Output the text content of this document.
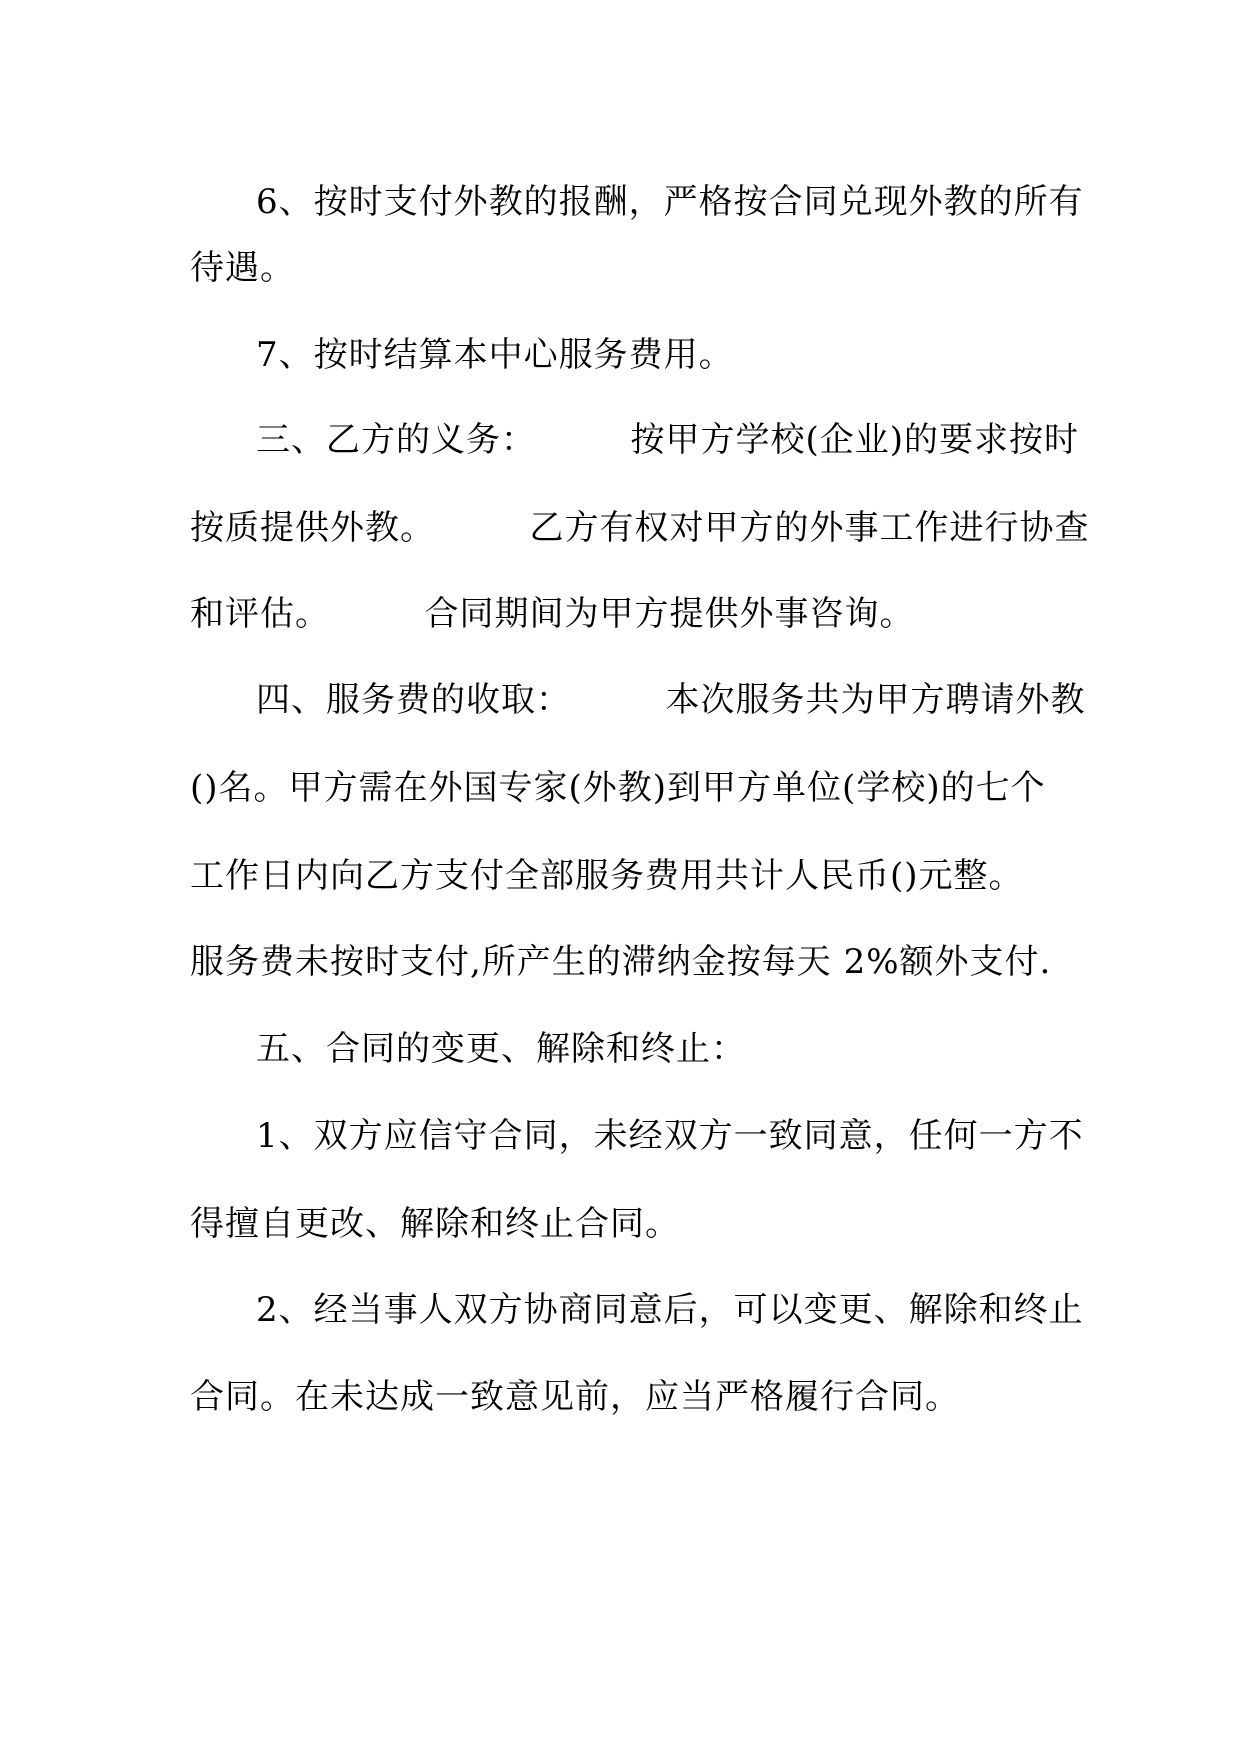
6、按时支付外教的报酬，严格按合同兑现外教的所有
待遇。
7、按时结算本中心服务费用。
三、乙方的义务：        按甲方学校(企业)的要求按时
按质提供外教。        乙方有权对甲方的外事工作进行协查
和评估。        合同期间为甲方提供外事咨询。
四、服务费的收取：        本次服务共为甲方聘请外教
()名。甲方需在外国专家(外教)到甲方单位(学校)的七个
工作日内向乙方支付全部服务费用共计人民币()元整。
服务费未按时支付,所产生的滞纳金按每天 2%额外支付.
五、合同的变更、解除和终止：
1、双方应信守合同，未经双方一致同意，任何一方不
得擅自更改、解除和终止合同。
2、经当事人双方协商同意后，可以变更、解除和终止
合同。在未达成一致意见前，应当严格履行合同。
